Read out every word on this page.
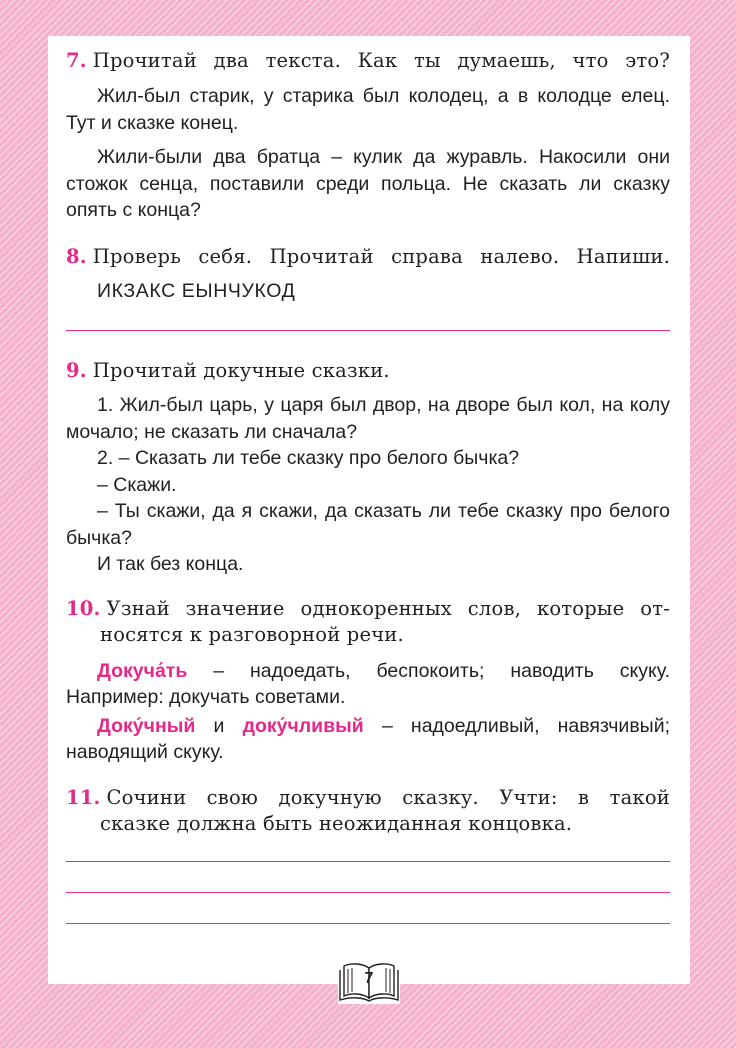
7. Прочитай два текста. Как ты думаешь, что это?

Жил-был старик, у старика был колодец, а в колодце елец. Тут и сказке конец.

Жили-были два братца – кулик да журавль. Накосили они стожок сенца, поставили среди польца. Не сказать ли сказку опять с конца?

8. Проверь себя. Прочитай справа налево. Напиши.

ИКЗАКС ЕЫНЧУКОД

9. Прочитай докучные сказки.

1. Жил-был царь, у царя был двор, на дворе был кол, на колу мочало; не сказать ли сначала?

2. – Сказать ли тебе сказку про белого бычка?

– Скажи.

– Ты скажи, да я скажи, да сказать ли тебе сказку про белого бычка?

И так без конца.

10. Узнай значение однокоренных слов, которые от-
носятся к разговорной речи.

Докуча́ть – надоедать, беспокоить; наводить скуку. Например: докучать советами.

Доку́чный и доку́чливый – надоедливый, навязчивый; наводящий скуку.

11. Сочини свою докучную сказку. Учти: в такой
сказке должна быть неожиданная концовка.
7
